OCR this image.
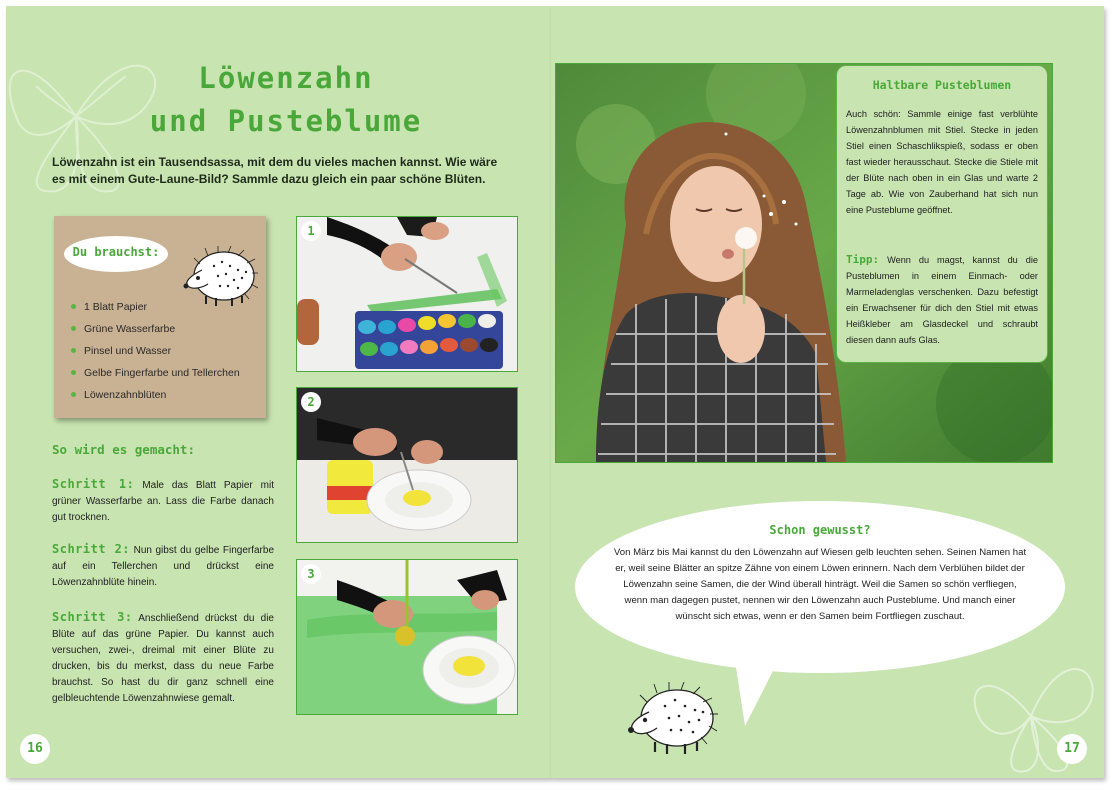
Löwenzahn
und Pusteblume
Löwenzahn ist ein Tausendsassa, mit dem du vieles machen kannst. Wie wäre es mit einem Gute-Laune-Bild? Sammle dazu gleich ein paar schöne Blüten.
Du brauchst:
1 Blatt Papier
Grüne Wasserfarbe
Pinsel und Wasser
Gelbe Fingerfarbe und Tellerchen
Löwenzahnblüten
So wird es gemacht:
Schritt 1: Male das Blatt Papier mit grüner Wasserfarbe an. Lass die Farbe danach gut trocknen.
Schritt 2: Nun gibst du gelbe Fingerfarbe auf ein Tellerchen und drückst eine Löwenzahnblüte hinein.
Schritt 3: Anschließend drückst du die Blüte auf das grüne Papier. Du kannst auch versuchen, zwei-, dreimal mit einer Blüte zu drucken, bis du merkst, dass du neue Farbe brauchst. So hast du dir ganz schnell eine gelbleuchtende Löwenzahnwiese gemalt.
1
2
3
16
Haltbare Pusteblumen

Auch schön: Sammle einige fast verblühte Löwenzahnblumen mit Stiel. Stecke in jeden Stiel einen Schaschlikspieß, sodass er oben fast wieder herausschaut. Stecke die Stiele mit der Blüte nach oben in ein Glas und warte 2 Tage ab. Wie von Zauberhand hat sich nun eine Pusteblume geöffnet.

Tipp: Wenn du magst, kannst du die Pusteblumen in einem Einmach- oder Marmeladenglas verschenken. Dazu befestigt ein Erwachsener für dich den Stiel mit etwas Heißkleber am Glasdeckel und schraubt diesen dann aufs Glas.

Schon gewusst?

Von März bis Mai kannst du den Löwenzahn auf Wiesen gelb leuchten sehen. Seinen Namen hat er, weil seine Blätter an spitze Zähne von einem Löwen erinnern. Nach dem Verblühen bildet der Löwenzahn seine Samen, die der Wind überall hinträgt. Weil die Samen so schön verfliegen, wenn man dagegen pustet, nennen wir den Löwenzahn auch Pusteblume. Und manch einer wünscht sich etwas, wenn er den Samen beim Fortfliegen zuschaut.

17
